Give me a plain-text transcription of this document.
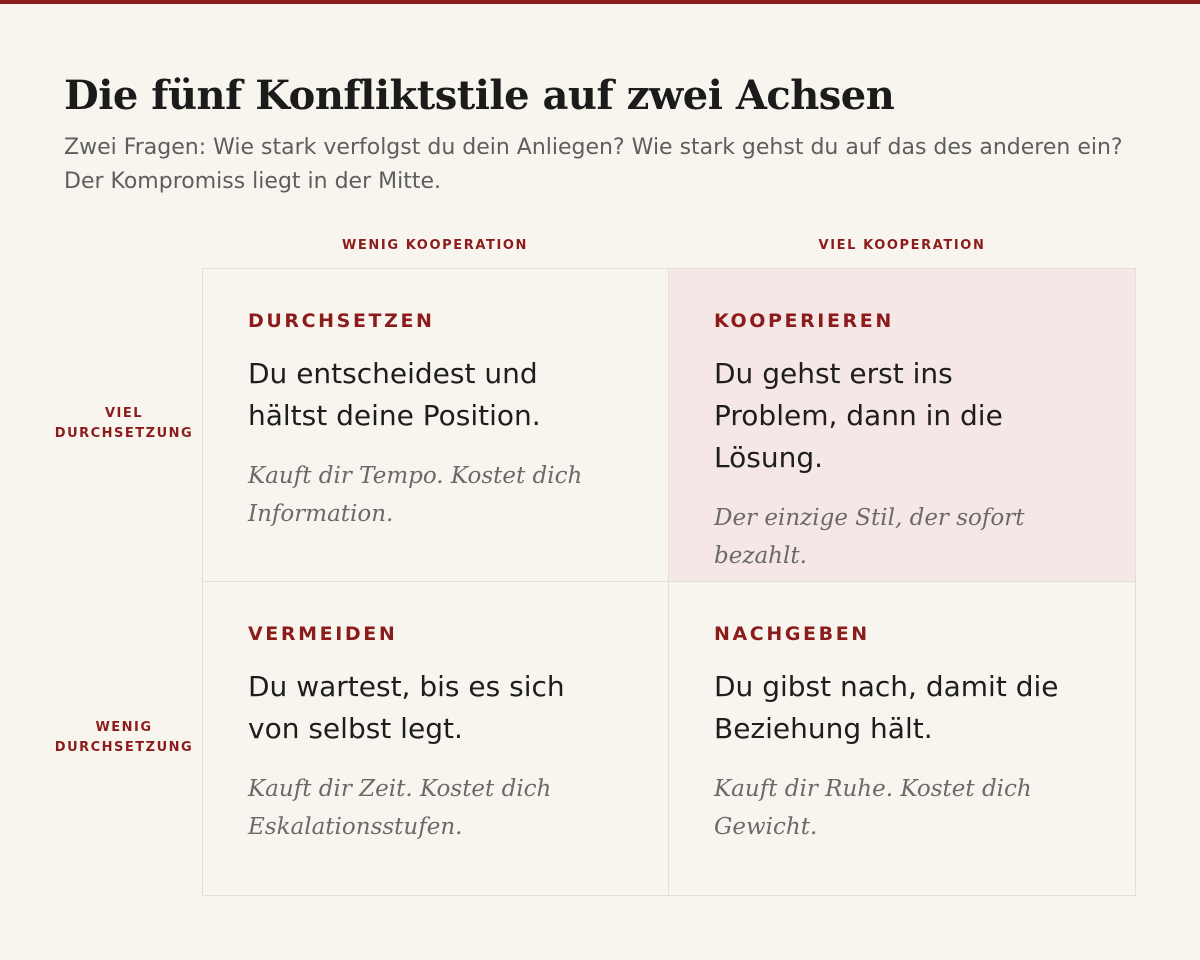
Die fünf Konfliktstile auf zwei Achsen

Zwei Fragen: Wie stark verfolgst du dein Anliegen? Wie stark gehst du auf das des anderen ein? Der Kompromiss liegt in der Mitte.

WENIG KOOPERATION	VIEL KOOPERATION
VIEL
DURCHSETZUNG
WENIG
DURCHSETZUNG
DURCHSETZEN
Du entscheidest und hältst deine Position.
Kauft dir Tempo. Kostet dich Information.
KOOPERIEREN
Du gehst erst ins Problem, dann in die Lösung.
Der einzige Stil, der sofort bezahlt.
VERMEIDEN
Du wartest, bis es sich von selbst legt.
Kauft dir Zeit. Kostet dich Eskalationsstufen.
NACHGEBEN
Du gibst nach, damit die Beziehung hält.
Kauft dir Ruhe. Kostet dich Gewicht.
